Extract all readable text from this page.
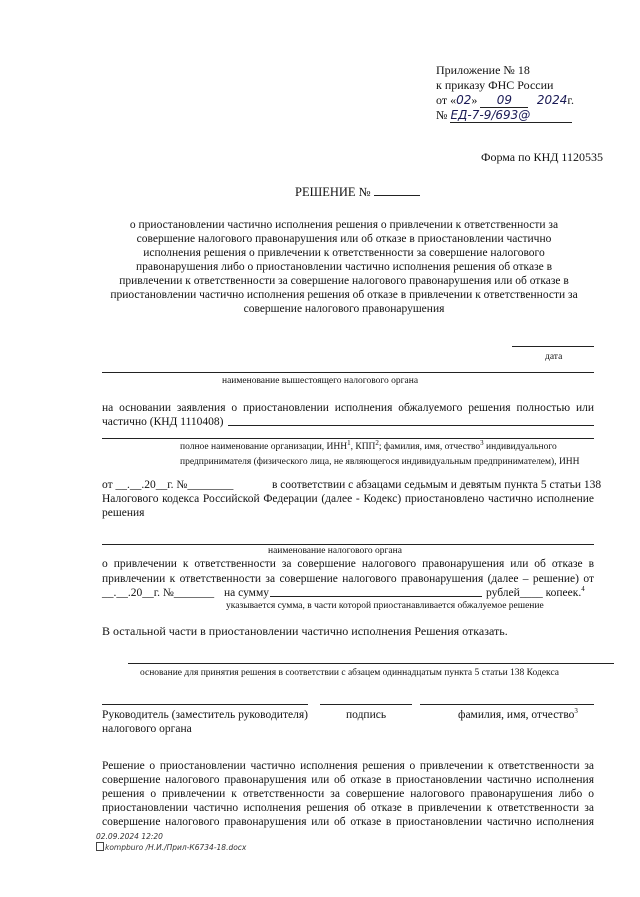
Приложение № 18
к приказу ФНС России
от «02» 09 2024г.
№ ЕД-7-9/693@
Форма по КНД 1120535
РЕШЕНИЕ №
о приостановлении частично исполнения решения о привлечении к ответственности за
совершение налогового правонарушения или об отказе в приостановлении частично
исполнения решения о привлечении к ответственности за совершение налогового
правонарушения либо о приостановлении частично исполнения решения об отказе в
привлечении к ответственности за совершение налогового правонарушения или об отказе в
приостановлении частично исполнения решения об отказе в привлечении к ответственности за
совершение налогового правонарушения
дата
наименование вышестоящего налогового органа
на основании заявления о приостановлении исполнения обжалуемого решения полностью или
частично (КНД 1110408)
полное наименование организации, ИНН$^1$, КПП$^2$; фамилия, имя, отчество$^3$ индивидуального
предпринимателя (физического лица, не являющегося индивидуальным предпринимателем), ИНН
от __.__.20__г. №________	в соответствии с абзацами седьмым и девятым пункта 5 статьи 138
Налогового кодекса Российской Федерации (далее - Кодекс) приостановлено частично исполнение
решения
наименование налогового органа
о привлечении к ответственности за совершение налогового правонарушения или об отказе в
привлечении к ответственности за совершение налогового правонарушения (далее – решение) от
__.__.20__г. №_______ на сумму	рублей____ копеек.$^4$
указывается сумма, в части которой приостанавливается обжалуемое решение
В остальной части в приостановлении частично исполнения Решения отказать.
основание для принятия решения в соответствии с абзацем одиннадцатым пункта 5 статьи 138 Кодекса
Руководитель (заместитель руководителя)
налогового органа
подпись	фамилия, имя, отчество$^3$
Решение о приостановлении частично исполнения решения о привлечении к ответственности за
совершение налогового правонарушения или об отказе в приостановлении частично исполнения
решения о привлечении к ответственности за совершение налогового правонарушения либо о
приостановлении частично исполнения решения об отказе в привлечении к ответственности за
совершение налогового правонарушения или об отказе в приостановлении частично исполнения
02.09.2024 12:20
kompburo /Н.И./Прил-К6734-18.docx
